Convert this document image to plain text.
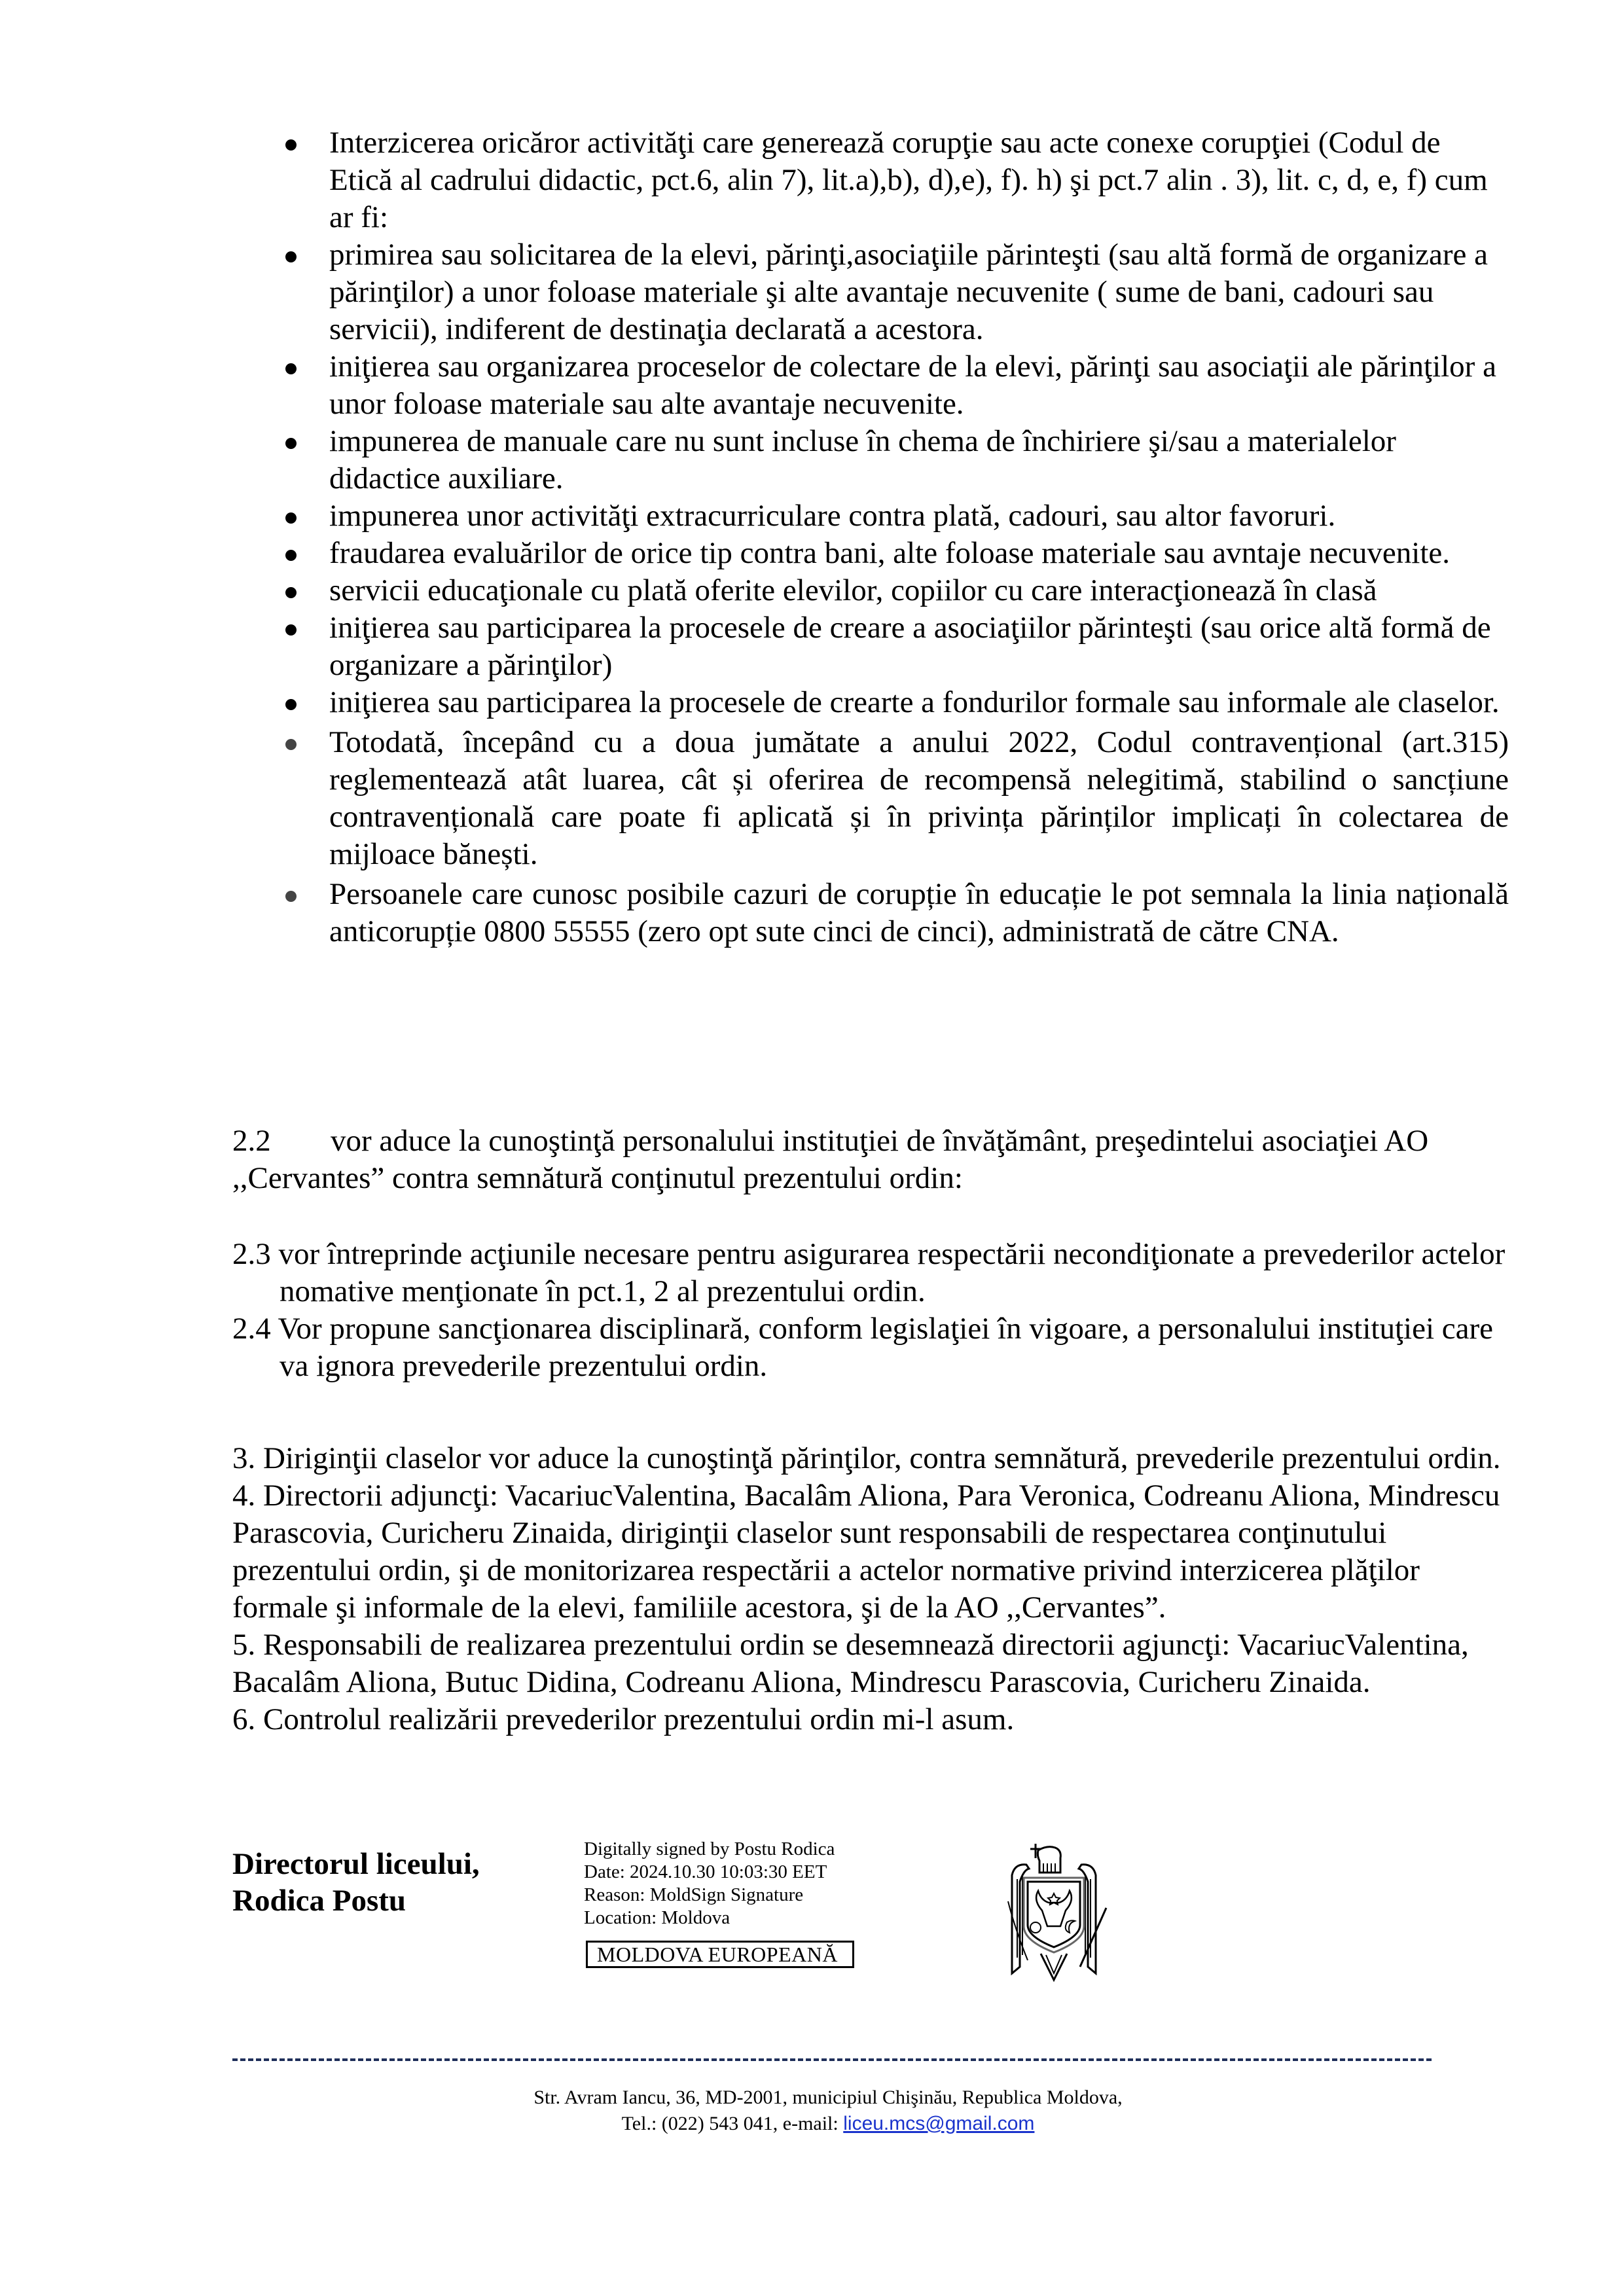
Interzicerea oricăror activităţi care generează corupţie sau acte conexe corupţiei (Codul de Etică al cadrului didactic, pct.6, alin 7), lit.a),b), d),e), f). h) şi pct.7 alin . 3), lit. c, d, e, f) cum ar fi:
primirea sau solicitarea de la elevi, părinţi,asociaţiile părinteşti (sau altă formă de organizare a părinţilor) a unor foloase materiale şi alte avantaje necuvenite ( sume de bani, cadouri sau servicii), indiferent de destinaţia declarată a acestora.
iniţierea sau organizarea proceselor de colectare de la elevi, părinţi sau asociaţii ale părinţilor a unor foloase materiale sau alte avantaje necuvenite.
impunerea de manuale care nu sunt incluse în chema de închiriere şi/sau a materialelor didactice auxiliare.
impunerea unor activităţi extracurriculare contra plată, cadouri, sau altor favoruri.
fraudarea evaluărilor de orice tip contra bani, alte foloase materiale sau avntaje necuvenite.
servicii educaţionale cu plată oferite elevilor, copiilor cu care interacţionează în clasă
iniţierea sau participarea la procesele de creare a asociaţiilor părinteşti (sau orice altă formă de organizare a părinţilor)
iniţierea sau participarea la procesele de crearte a fondurilor formale sau informale ale claselor.
Totodată, începând cu a doua jumătate a anului 2022, Codul contravențional (art.315) reglementează atât luarea, cât și oferirea de recompensă nelegitimă, stabilind o sancțiune contravențională care poate fi aplicată și în privința părinților implicați în colectarea de mijloace bănești.
Persoanele care cunosc posibile cazuri de corupție în educație le pot semnala la linia națională anticorupție 0800 55555 (zero opt sute cinci de cinci), administrată de către CNA.
2.2 vor aduce la cunoştinţă personalului instituţiei de învăţământ, preşedintelui asociaţiei AO ,,Cervantes” contra semnătură conţinutul prezentului ordin:
2.3 vor întreprinde acţiunile necesare pentru asigurarea respectării necondiţionate a prevederilor actelor nomative menţionate în pct.1, 2 al prezentului ordin.
2.4 Vor propune sancţionarea disciplinară, conform legislaţiei în vigoare, a personalului instituţiei care va ignora prevederile prezentului ordin.
3. Diriginţii claselor vor aduce la cunoştinţă părinţilor, contra semnătură, prevederile prezentului ordin.
4. Directorii adjuncţi: VacariucValentina, Bacalâm Aliona, Para Veronica, Codreanu Aliona, Mindrescu Parascovia, Curicheru Zinaida, diriginţii claselor sunt responsabili de respectarea conţinutului prezentului ordin, şi de monitorizarea respectării a actelor normative privind interzicerea plăţilor formale şi informale de la elevi, familiile acestora, şi de la AO ,,Cervantes”.
5. Responsabili de realizarea prezentului ordin se desemnează directorii agjuncţi: VacariucValentina, Bacalâm Aliona, Butuc Didina, Codreanu Aliona, Mindrescu Parascovia, Curicheru Zinaida.
6. Controlul realizării prevederilor prezentului ordin mi-l asum.
Directorul liceului,
Rodica Postu
Digitally signed by Postu Rodica
Date: 2024.10.30 10:03:30 EET
Reason: MoldSign Signature
Location: Moldova
MOLDOVA EUROPEANĂ
Str. Avram Iancu, 36, MD-2001, municipiul Chişinău, Republica Moldova,
Tel.: (022) 543 041, e-mail: liceu.mcs@gmail.com
